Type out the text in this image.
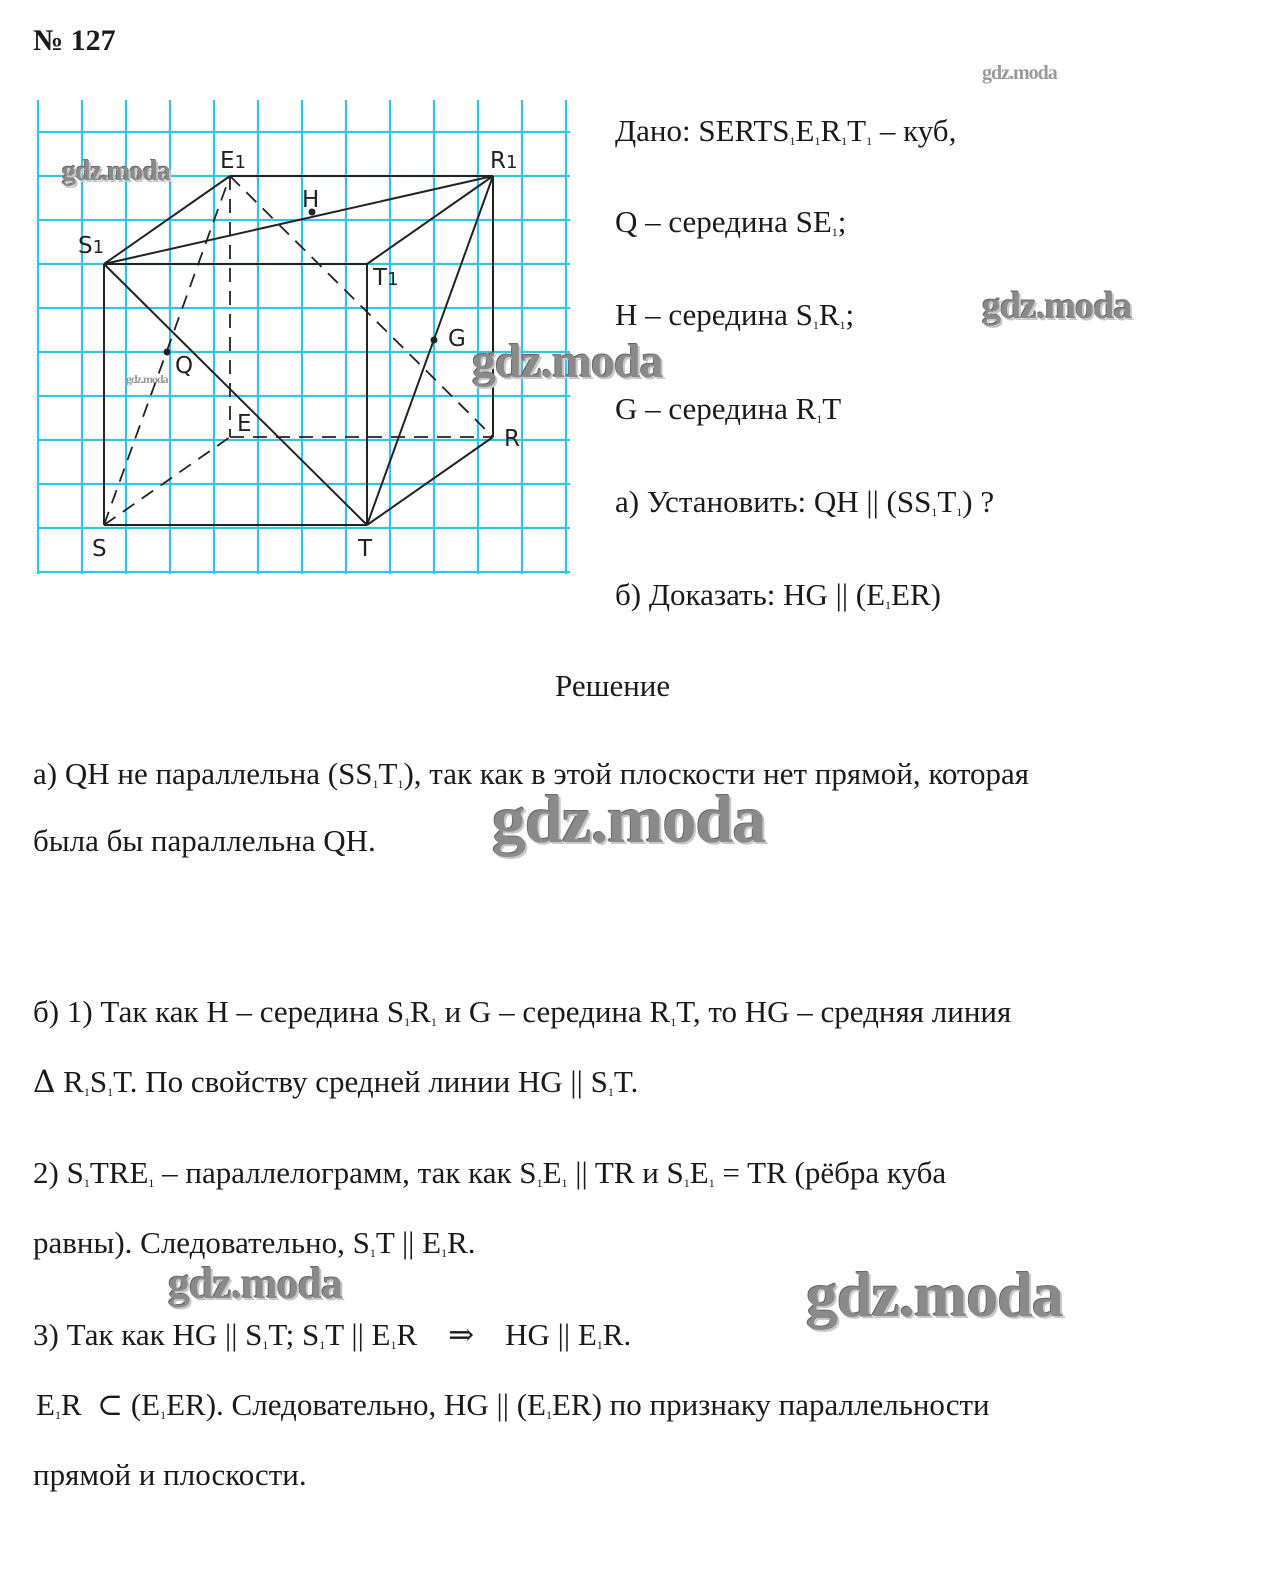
№ 127
gdz.moda
S1
E1	R1
T1
H
G
Q
E
R
S	T
gdz.moda
gdz.moda
Дано: $SERTS_1E_1R_1T_1$ – куб,
Q – середина $SE_1$;
H – середина $S_1R_1$;
G – середина $R_1T$
а) Установить: QH || $(SS_1T_1)$ ?
б) Доказать: HG || $(E_1ER)$
gdz.moda
gdz.moda
Решение
а) QH не параллельна $(SS_1T_1)$, так как в этой плоскости нет прямой, которая
была бы параллельна QH. gdz.moda
б) 1) Так как H – середина $S_1R_1$ и G – середина $R_1T$, то HG – средняя линия
Δ $R_1S_1T$. По свойству средней линии HG || $S_1T$.
2) $S_1TRE_1$ – параллелограмм, так как $S_1E_1$ || TR и $S_1E_1$ = TR (рёбра куба
равны). Следовательно, $S_1T$ || $E_1R$.
gdz.moda	gdz.moda
3) Так как HG || $S_1T$; $S_1T$ || $E_1R$ ⇒ HG || $E_1R$.
$E_1R$ ⊂ $(E_1ER)$. Следовательно, HG || $(E_1ER)$ по признаку параллельности
прямой и плоскости.
